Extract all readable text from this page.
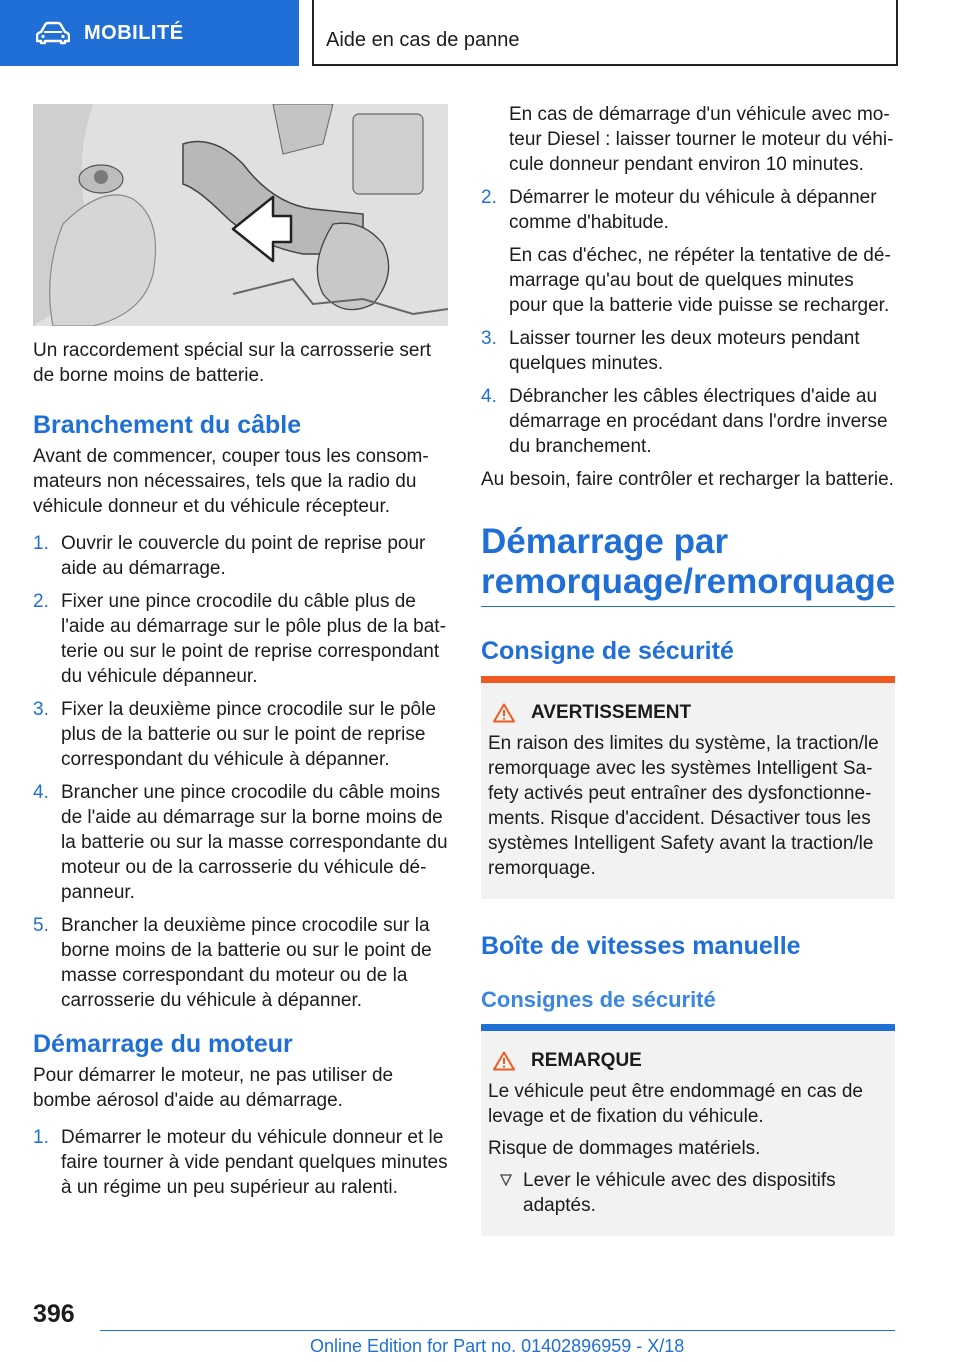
MOBILITÉ	Aide en cas de panne

Un raccordement spécial sur la carrosserie sert de borne moins de batterie.

Branchement du câble

Avant de commencer, couper tous les consommateurs non nécessaires, tels que la radio du véhicule donneur et du véhicule récepteur.

1. Ouvrir le couvercle du point de reprise pour aide au démarrage.
2. Fixer une pince crocodile du câble plus de l'aide au démarrage sur le pôle plus de la batterie ou sur le point de reprise correspondant du véhicule dépanneur.
3. Fixer la deuxième pince crocodile sur le pôle plus de la batterie ou sur le point de reprise correspondant du véhicule à dépanner.
4. Brancher une pince crocodile du câble moins de l'aide au démarrage sur la borne moins de la batterie ou sur la masse correspondante du moteur ou de la carrosserie du véhicule dépanneur.
5. Brancher la deuxième pince crocodile sur la borne moins de la batterie ou sur le point de masse correspondant du moteur ou de la carrosserie du véhicule à dépanner.
Démarrage du moteur

Pour démarrer le moteur, ne pas utiliser de bombe aérosol d'aide au démarrage.

1. Démarrer le moteur du véhicule donneur et le faire tourner à vide pendant quelques minutes à un régime un peu supérieur au ralenti.
En cas de démarrage d'un véhicule avec moteur Diesel : laisser tourner le moteur du véhicule donneur pendant environ 10 minutes.
2. Démarrer le moteur du véhicule à dépanner comme d'habitude.
En cas d'échec, ne répéter la tentative de démarrage qu'au bout de quelques minutes pour que la batterie vide puisse se recharger.
3. Laisser tourner les deux moteurs pendant quelques minutes.
4. Débrancher les câbles électriques d'aide au démarrage en procédant dans l'ordre inverse du branchement.

Au besoin, faire contrôler et recharger la batterie.

Démarrage par remorquage/remorquage
Consigne de sécurité
AVERTISSEMENT

En raison des limites du système, la traction/le remorquage avec les systèmes Intelligent Safety activés peut entraîner des dysfonctionnements. Risque d'accident. Désactiver tous les systèmes Intelligent Safety avant la traction/le remorquage.

Boîte de vitesses manuelle
Consignes de sécurité
REMARQUE

Le véhicule peut être endommagé en cas de levage et de fixation du véhicule.

Risque de dommages matériels.

Lever le véhicule avec des dispositifs adaptés.

396
Online Edition for Part no. 01402896959 - X/18
